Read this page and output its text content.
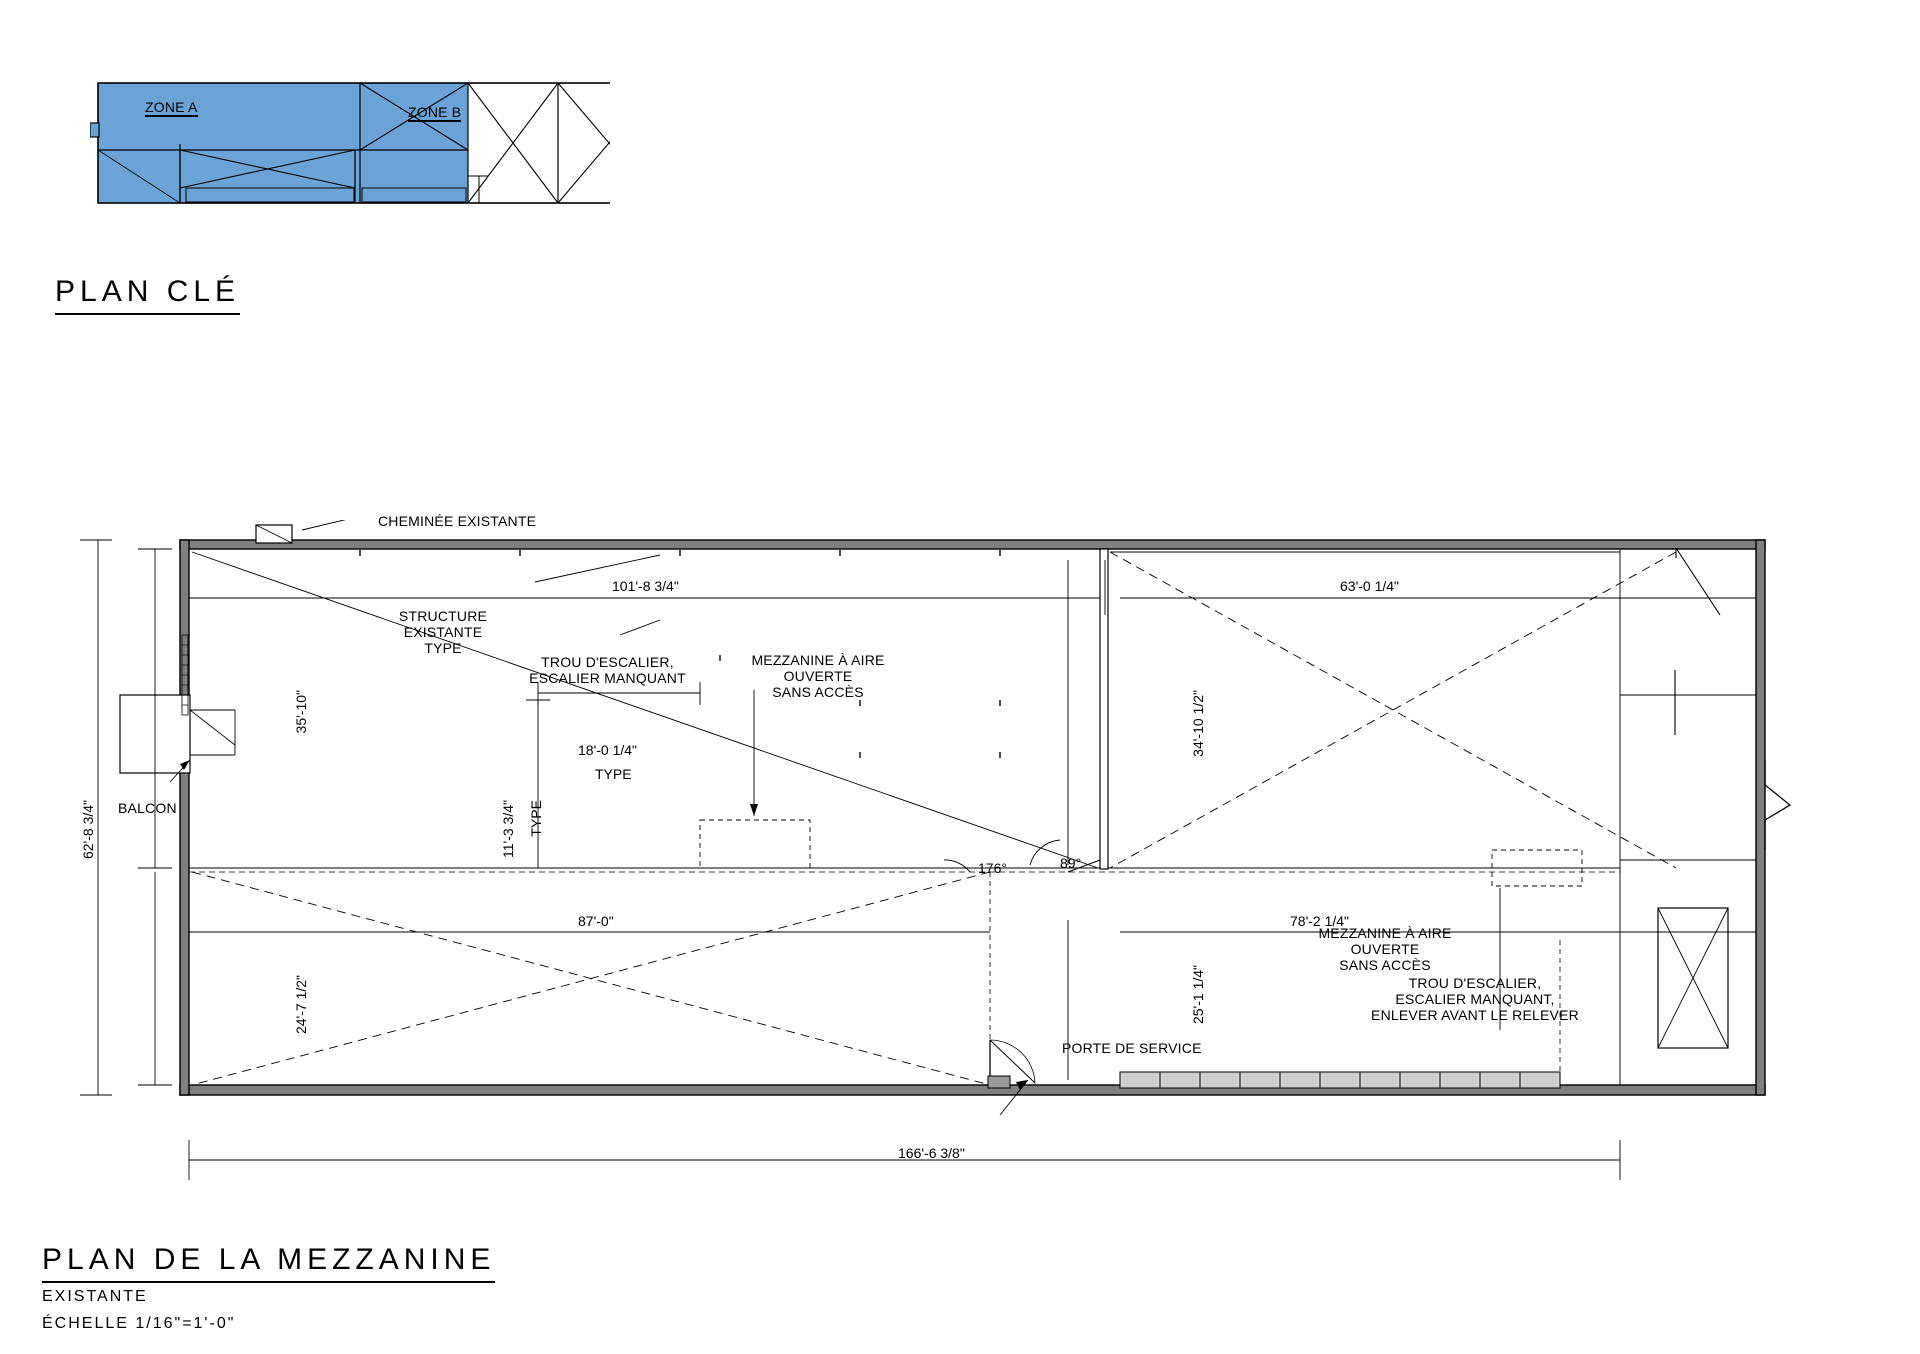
ZONE A	ZONE B
PLAN CLÉ
CHEMINÉE EXISTANTE
STRUCTURE
EXISTANTE
TYPE
TROU D'ESCALIER,
ESCALIER MANQUANT
MEZZANINE À AIRE
OUVERTE
SANS ACCÈS
MEZZANINE À AIRE
OUVERTE
SANS ACCÈS
BALCON
PORTE DE SERVICE
TROU D'ESCALIER,
ESCALIER MANQUANT,
ENLEVER AVANT LE RELEVER
101'-8 3/4"	63'-0 1/4"
87'-0"	78'-2 1/4"
166'-6 3/8"
18'-0 1/4"
TYPE
62'-8 3/4"
35'-10"
24'-7 1/2"
34'-10 1/2"
25'-1 1/4"
11'-3 3/4" TYPE
176°	89°
PLAN DE LA MEZZANINE
EXISTANTE
ÉCHELLE 1/16"=1'-0"
